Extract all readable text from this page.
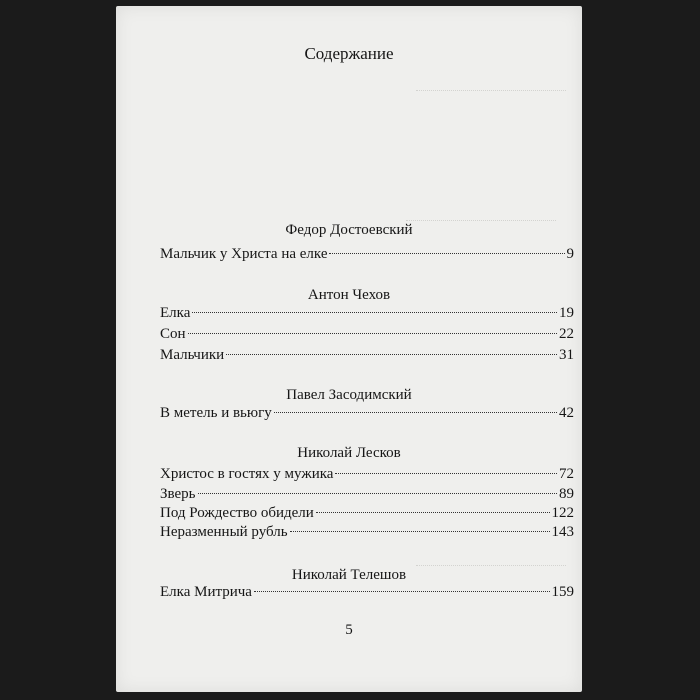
Содержание
Федор Достоевский
Мальчик у Христа на елке	9
Антон Чехов
Елка	19
Сон	22
Мальчики	31
Павел Засодимский
В метель и вьюгу	42
Николай Лесков
Христос в гостях у мужика	72
Зверь	89
Под Рождество обидели	122
Неразменный рубль	143
Николай Телешов
Елка Митрича	159
5
